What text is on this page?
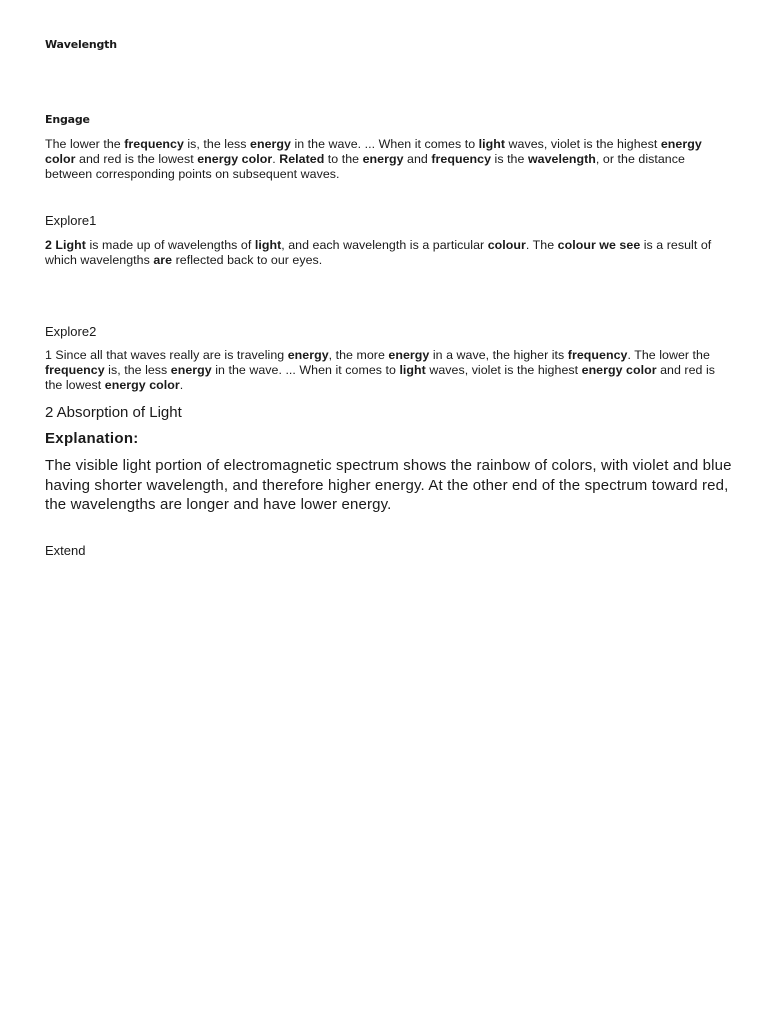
Wavelength
Engage

The lower the frequency is, the less energy in the wave. ... When it comes to light waves, violet is the highest energy color and red is the lowest energy color. Related to the energy and frequency is the wavelength, or the distance between corresponding points on subsequent waves.

Explore1

2 Light is made up of wavelengths of light, and each wavelength is a particular colour. The colour we see is a result of which wavelengths are reflected back to our eyes.

Explore2

1 Since all that waves really are is traveling energy, the more energy in a wave, the higher its frequency. The lower the frequency is, the less energy in the wave. ... When it comes to light waves, violet is the highest energy color and red is the lowest energy color.

2 Absorption of Light
Explanation:

The visible light portion of electromagnetic spectrum shows the rainbow of colors, with violet and blue having shorter wavelength, and therefore higher energy. At the other end of the spectrum toward red, the wavelengths are longer and have lower energy.

Extend
